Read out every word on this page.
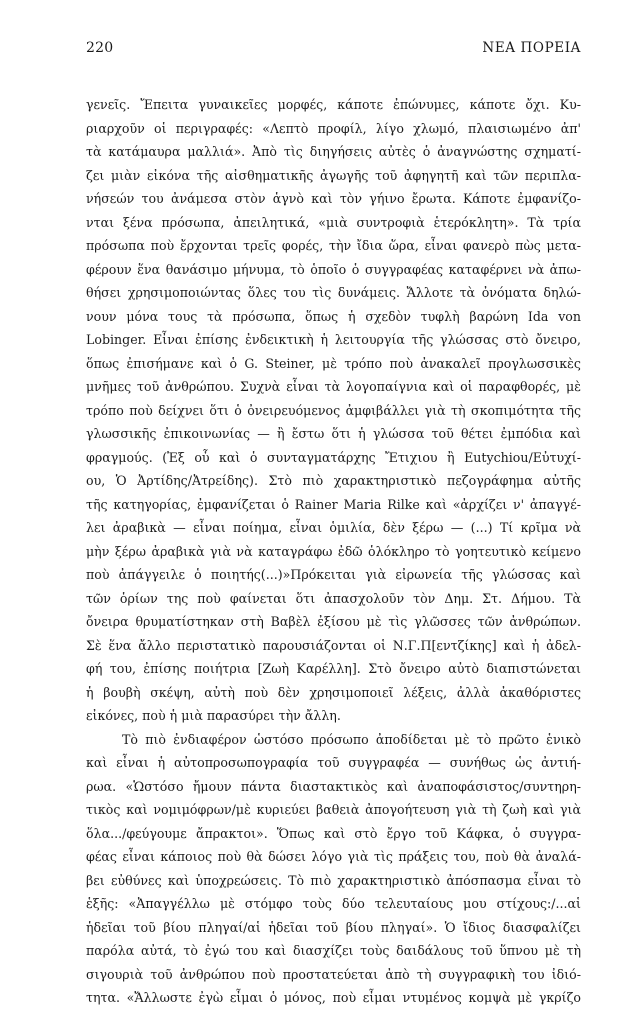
220	ΝΕΑ ΠΟΡΕΙΑ

γενεῖς. Ἔπειτα γυναικεῖες μορφές, κάποτε ἐπώνυμες, κάποτε ὄχι. Κυ-
ριαρχοῦν οἱ περιγραφές: «Λεπτὸ προφίλ, λίγο χλωμό, πλαισιωμένο ἀπ'
τὰ κατάμαυρα μαλλιά». Ἀπὸ τὶς διηγήσεις αὐτὲς ὁ ἀναγνώστης σχηματί-
ζει μιὰν εἰκόνα τῆς αἰσθηματικῆς ἀγωγῆς τοῦ ἀφηγητῆ καὶ τῶν περιπλα-
νήσεών του ἀνάμεσα στὸν ἁγνὸ καὶ τὸν γήινο ἔρωτα. Κάποτε ἐμφανίζο-
νται ξένα πρόσωπα, ἀπειλητικά, «μιὰ συντροφιὰ ἑτερόκλητη». Τὰ τρία
πρόσωπα ποὺ ἔρχονται τρεῖς φορές, τὴν ἴδια ὥρα, εἶναι φανερὸ πὼς μετα-
φέρουν ἕνα θανάσιμο μήνυμα, τὸ ὁποῖο ὁ συγγραφέας καταφέρνει νὰ ἀπω-
θήσει χρησιμοποιώντας ὅλες του τὶς δυνάμεις. Ἄλλοτε τὰ ὀνόματα δηλώ-
νουν μόνα τους τὰ πρόσωπα, ὅπως ἡ σχεδὸν τυφλὴ βαρώνη Ida von
Lobinger. Εἶναι ἐπίσης ἐνδεικτικὴ ἡ λειτουργία τῆς γλώσσας στὸ ὄνειρο,
ὅπως ἐπισήμανε καὶ ὁ G. Steiner, μὲ τρόπο ποὺ ἀνακαλεῖ προγλωσσικὲς
μνῆμες τοῦ ἀνθρώπου. Συχνὰ εἶναι τὰ λογοπαίγνια καὶ οἱ παραφθορές, μὲ
τρόπο ποὺ δείχνει ὅτι ὁ ὀνειρευόμενος ἀμφιβάλλει γιὰ τὴ σκοπιμότητα τῆς
γλωσσικῆς ἐπικοινωνίας — ἢ ἔστω ὅτι ἡ γλώσσα τοῦ θέτει ἐμπόδια καὶ
φραγμούς. (Ἐξ οὗ καὶ ὁ συνταγματάρχης Ἔτιχιου ἢ Eutychiou/Εὐτυχί-
ου, Ὁ Ἀρτίδης/Ἀτρείδης). Στὸ πιὸ χαρακτηριστικὸ πεζογράφημα αὐτῆς
τῆς κατηγορίας, ἐμφανίζεται ὁ Rainer Maria Rilke καὶ «ἀρχίζει ν' ἀπαγγέ-
λει ἀραβικὰ — εἶναι ποίημα, εἶναι ὁμιλία, δὲν ξέρω — (...) Τί κρῖμα νὰ
μὴν ξέρω ἀραβικὰ γιὰ νὰ καταγράφω ἐδῶ ὁλόκληρο τὸ γοητευτικὸ κείμενο
ποὺ ἀπάγγειλε ὁ ποιητής(...)»Πρόκειται γιὰ εἰρωνεία τῆς γλώσσας καὶ
τῶν ὁρίων της ποὺ φαίνεται ὅτι ἀπασχολοῦν τὸν Δημ. Στ. Δήμου. Τὰ
ὄνειρα θρυματίστηκαν στὴ Βαβὲλ ἐξίσου μὲ τὶς γλῶσσες τῶν ἀνθρώπων.
Σὲ ἕνα ἄλλο περιστατικὸ παρουσιάζονται οἱ Ν.Γ.Π[εντζίκης] καὶ ἡ ἀδελ-
φή του, ἐπίσης ποιήτρια [Ζωὴ Καρέλλη]. Στὸ ὄνειρο αὐτὸ διαπιστώνεται
ἡ βουβὴ σκέψη, αὐτὴ ποὺ δὲν χρησιμοποιεῖ λέξεις, ἀλλὰ ἀκαθόριστες
εἰκόνες, ποὺ ἡ μιὰ παρασύρει τὴν ἄλλη.

Τὸ πιὸ ἐνδιαφέρον ὡστόσο πρόσωπο ἀποδίδεται μὲ τὸ πρῶτο ἑνικὸ
καὶ εἶναι ἡ αὐτοπροσωπογραφία τοῦ συγγραφέα — συνήθως ὡς ἀντιή-
ρωα. «Ὡστόσο ἤμουν πάντα διαστακτικὸς καὶ ἀναποφάσιστος/συντηρη-
τικὸς καὶ νομιμόφρων/μὲ κυριεύει βαθειὰ ἀπογοήτευση γιὰ τὴ ζωὴ καὶ γιὰ
ὅλα.../φεύγουμε ἄπρακτοι». Ὅπως καὶ στὸ ἔργο τοῦ Κάφκα, ὁ συγγρα-
φέας εἶναι κάποιος ποὺ θὰ δώσει λόγο γιὰ τὶς πράξεις του, ποὺ θὰ ἀναλά-
βει εὐθύνες καὶ ὑποχρεώσεις. Τὸ πιὸ χαρακτηριστικὸ ἀπόσπασμα εἶναι τὸ
ἑξῆς: «Ἀπαγγέλλω μὲ στόμφο τοὺς δύο τελευταίους μου στίχους:/...αἱ
ἡδεῖαι τοῦ βίου πληγαί/αἱ ἡδεῖαι τοῦ βίου πληγαί». Ὁ ἴδιος διασφαλίζει
παρόλα αὐτά, τὸ ἐγώ του καὶ διασχίζει τοὺς δαιδάλους τοῦ ὕπνου μὲ τὴ
σιγουριὰ τοῦ ἀνθρώπου ποὺ προστατεύεται ἀπὸ τὴ συγγραφικὴ του ἰδιό-
τητα. «Ἄλλωστε ἐγὼ εἶμαι ὁ μόνος, ποὺ εἶμαι ντυμένος κομψὰ μὲ γκρίζο
